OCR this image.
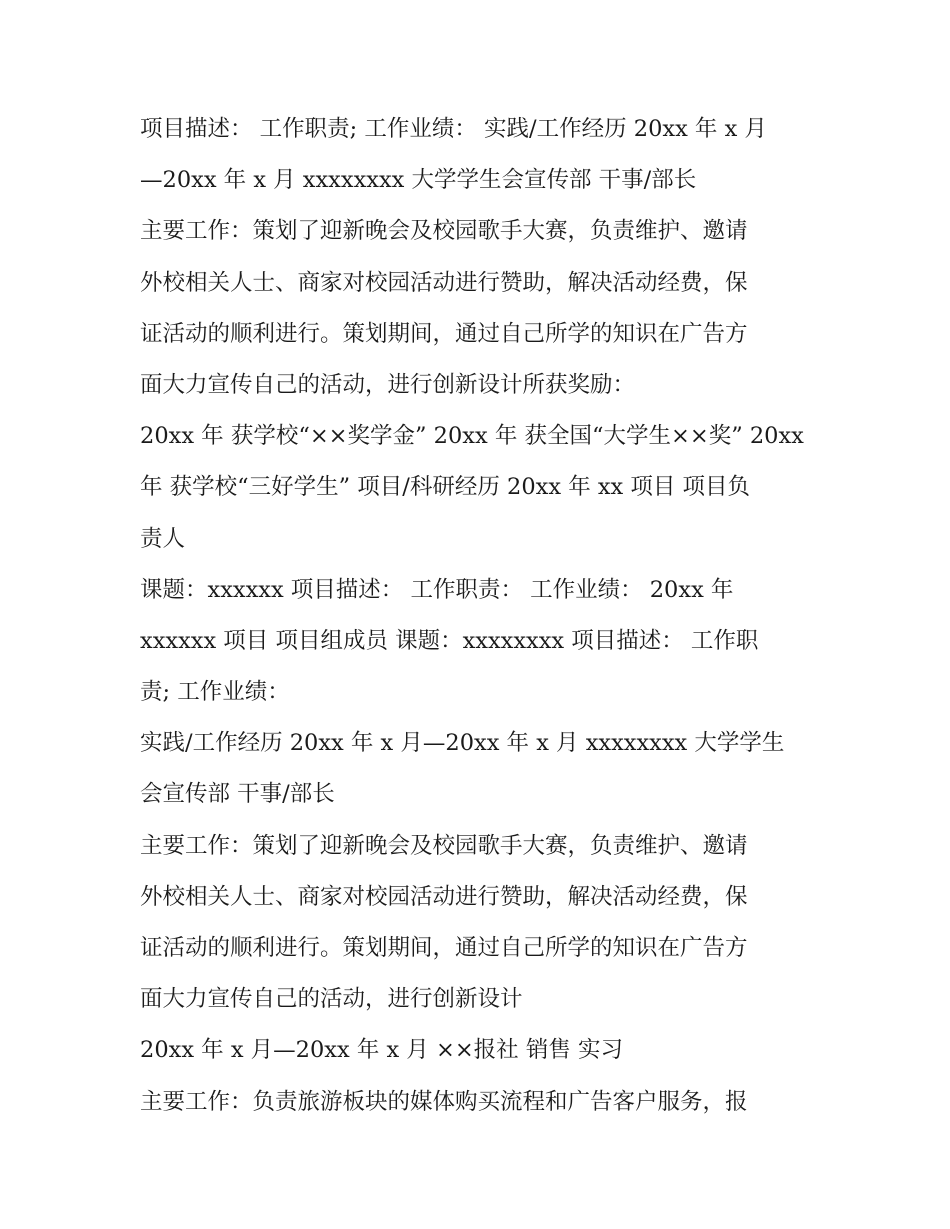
项目描述： 工作职责; 工作业绩： 实践/工作经历 20xx 年 x 月
—20xx 年 x 月 xxxxxxxx 大学学生会宣传部 干事/部长
主要工作：策划了迎新晚会及校园歌手大赛，负责维护、邀请
外校相关人士、商家对校园活动进行赞助，解决活动经费，保
证活动的顺利进行。策划期间，通过自己所学的知识在广告方
面大力宣传自己的活动，进行创新设计所获奖励：
20xx 年 获学校“××奖学金” 20xx 年 获全国“大学生××奖” 20xx
年 获学校“三好学生” 项目/科研经历 20xx 年 xx 项目 项目负
责人
课题：xxxxxx 项目描述： 工作职责： 工作业绩： 20xx 年
xxxxxx 项目 项目组成员 课题：xxxxxxxx 项目描述： 工作职
责; 工作业绩：
实践/工作经历 20xx 年 x 月—20xx 年 x 月 xxxxxxxx 大学学生
会宣传部 干事/部长
主要工作：策划了迎新晚会及校园歌手大赛，负责维护、邀请
外校相关人士、商家对校园活动进行赞助，解决活动经费，保
证活动的顺利进行。策划期间，通过自己所学的知识在广告方
面大力宣传自己的活动，进行创新设计
20xx 年 x 月—20xx 年 x 月 ××报社 销售 实习
主要工作：负责旅游板块的媒体购买流程和广告客户服务，报
